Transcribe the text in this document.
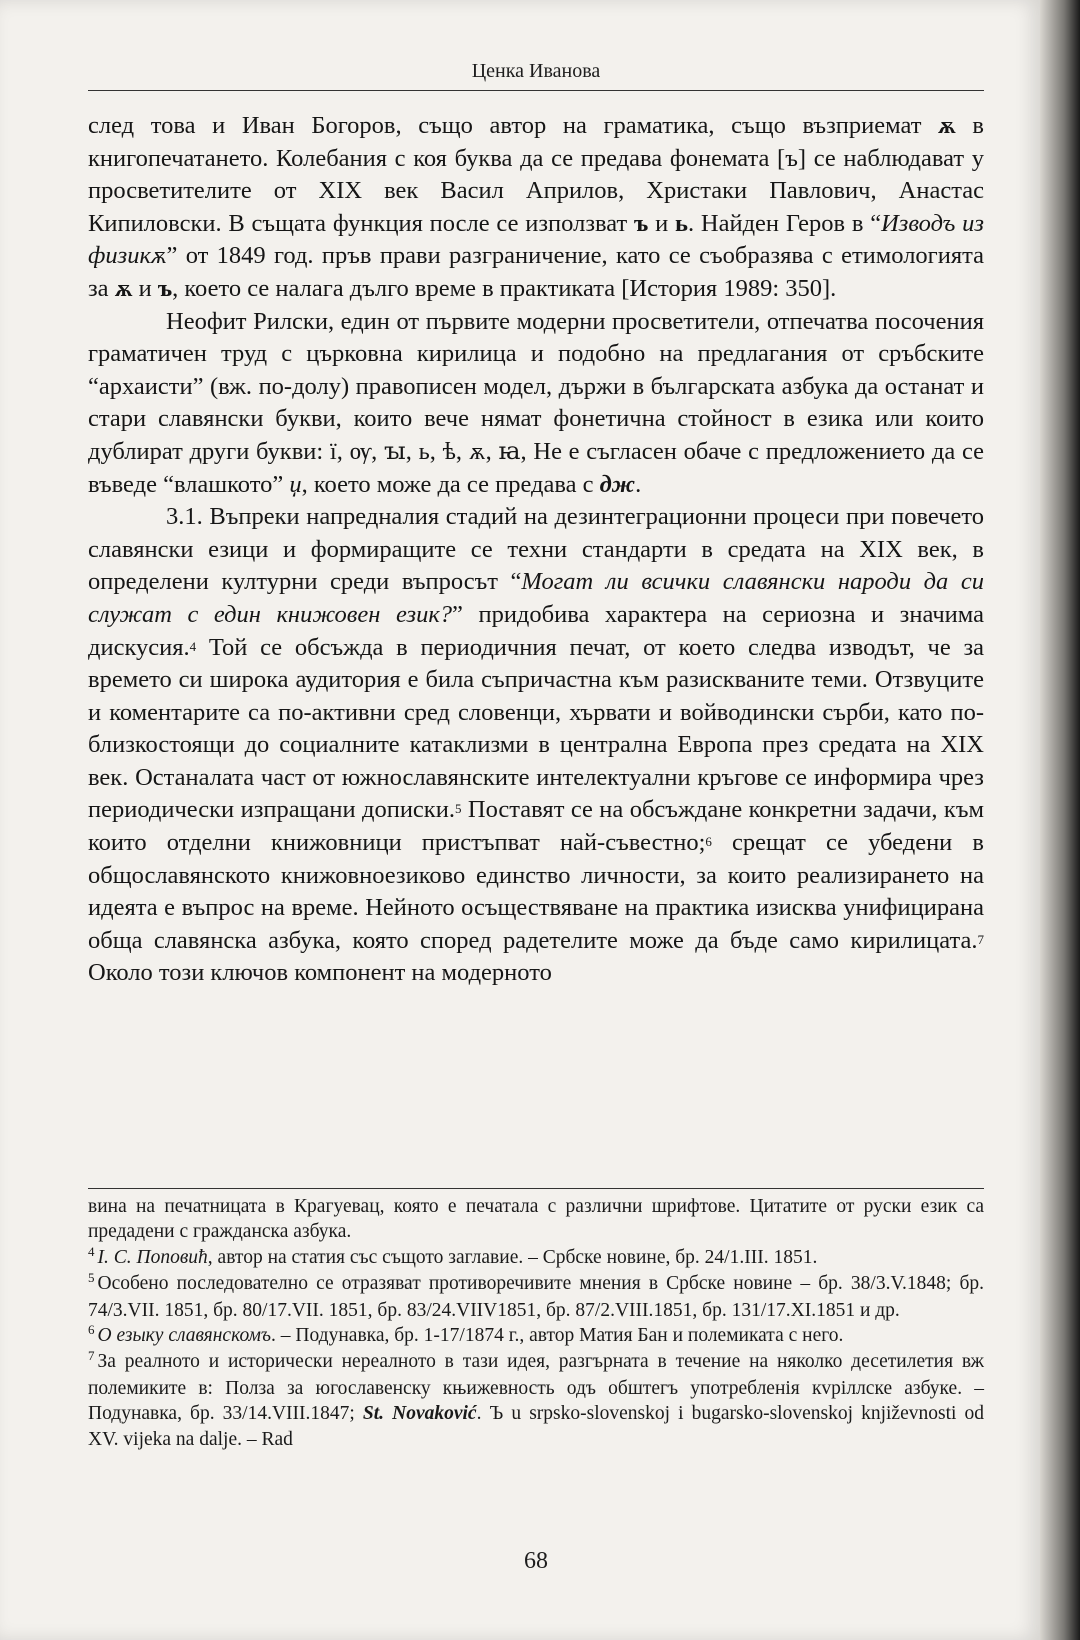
Ценка Иванова

след това и Иван Богоров, също автор на граматика, също възприемат ѫ в книгопечатането. Колебания с коя буква да се предава фонемата [ъ] се наблюдават у просветителите от XIX век Васил Априлов, Христаки Павлович, Анастас Кипиловски. В същата функция после се използват ъ и ь. Найден Геров в “Изводъ из физикѫ” от 1849 год. пръв прави разграничение, като се съобразява с етимологията за ѫ и ъ, което се налага дълго време в практиката [История 1989: 350].

Неофит Рилски, един от първите модерни просветители, отпечатва посочения граматичен труд с църковна кирилица и подобно на предлагания от сръбските “архаисти” (вж. по-долу) правописен модел, държи в българската азбука да останат и стари славянски букви, които вече нямат фонетична стойност в езика или които дублират други букви: ї, ѹ, ꙑ, ь, ѣ, ѫ, ꙗ, Не е съгласен обаче с предложението да се въведе “влашкото” џ, което може да се предава с дж.

3.1. Въпреки напредналия стадий на дезинтеграционни процеси при повечето славянски езици и формиращите се техни стандарти в средата на XIX век, в определени културни среди въпросът “Могат ли всички славянски народи да си служат с един книжовен език?” придобива характера на сериозна и значима дискусия.$^4$ Той се обсъжда в периодичния печат, от което следва изводът, че за времето си широка аудитория е била съпричастна към разискваните теми. Отзвуците и коментарите са по-активни сред словенци, хървати и войводински сърби, като по-близкостоящи до социалните катаклизми в централна Европа през средата на XIX век. Останалата част от южнославянските интелектуални кръгове се информира чрез периодически изпращани дописки.$^5$ Поставят се на обсъждане конкретни задачи, към които отделни книжовници пристъпват най-съвестно;$^6$ срещат се убедени в общославянското книжовноезиково единство личности, за които реализирането на идеята е въпрос на време. Нейното осъществяване на практика изисква унифицирана обща славянска азбука, която според радетелите може да бъде само кирилицата.$^7$ Около този ключов компонент на модерното

вина на печатницата в Крагуевац, която е печатала с различни шрифтове. Цитатите от руски език са предадени с гражданска азбука.

$^4$ I. С. Поповић, автор на статия със същото заглавие. – Србске новине, бр. 24/1.III. 1851.

$^5$ Особено последователно се отразяват противоречивите мнения в Србске новине – бр. 38/3.V.1848; бр. 74/3.VII. 1851, бр. 80/17.VII. 1851, бр. 83/24.VIIV1851, бр. 87/2.VIII.1851, бр. 131/17.XI.1851 и др.

$^6$ О езыку славянскомъ. – Подунавка, бр. 1-17/1874 г., автор Матия Бан и полемиката с него.

$^7$ За реалното и исторически нереалното в тази идея, разгърната в течение на няколко десетилетия вж полемиките в: Полза за югославенску књижевность одъ обштегъ употребленiя кvрiллске азбуке. – Подунавка, бр. 33/14.VIII.1847; St. Novaković. Ъ u srpsko-slovenskoj i bugarsko-slovenskoj književnosti od XV. vijeka na dalje. – Rad

68
